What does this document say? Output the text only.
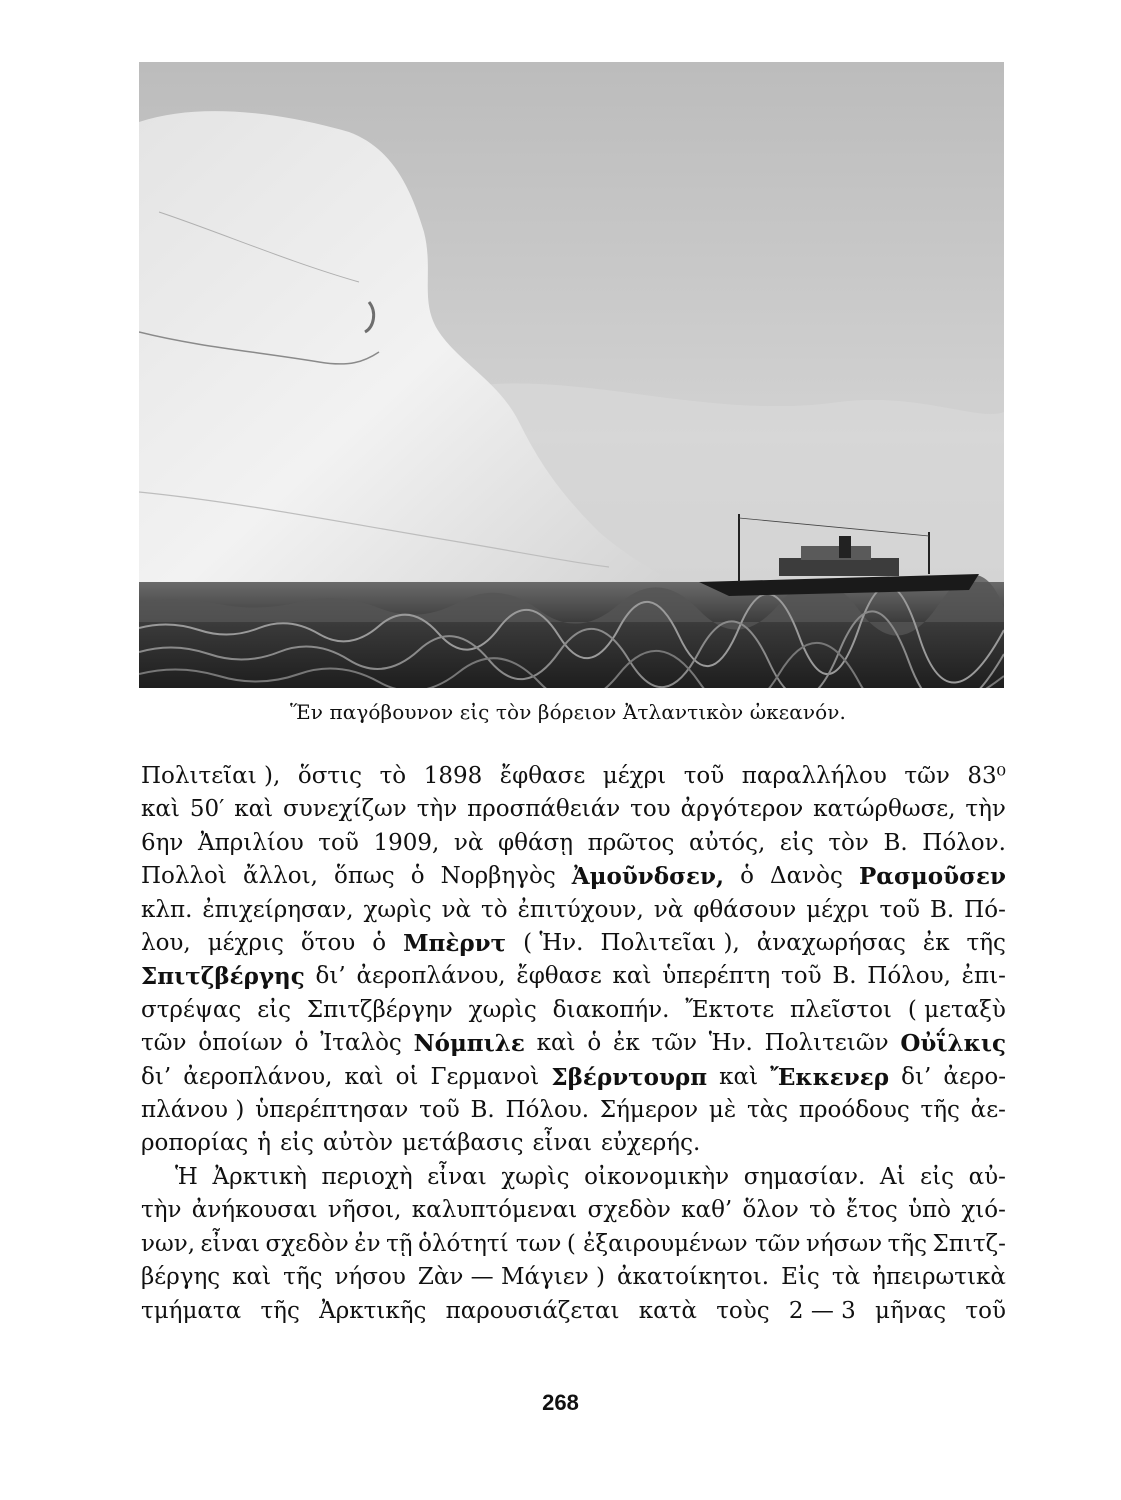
Ἕν παγόβουνον εἰς τὸν βόρειον Ἀτλαντικὸν ὠκεανόν.
Πολιτεῖαι ), ὅστις τὸ 1898 ἔφθασε μέχρι τοῦ παραλλήλου τῶν 83⁰
καὶ 50′ καὶ συνεχίζων τὴν προσπάθειάν του ἀργότερον κατώρθωσε, τὴν
6ην Ἀπριλίου τοῦ 1909, νὰ φθάσῃ πρῶτος αὐτός, εἰς τὸν Β. Πόλον.
Πολλοὶ ἄλλοι, ὅπως ὁ Νορβηγὸς Ἀμοῦνδσεν, ὁ Δανὸς Ρασμοῦσεν
κλπ. ἐπιχείρησαν, χωρὶς νὰ τὸ ἐπιτύχουν, νὰ φθάσουν μέχρι τοῦ Β. Πό-
λου, μέχρις ὅτου ὁ Μπὲρντ ( Ἡν. Πολιτεῖαι ), ἀναχωρήσας ἐκ τῆς
Σπιτζβέργης δι’ ἀεροπλάνου, ἔφθασε καὶ ὑπερέπτη τοῦ Β. Πόλου, ἐπι-
στρέψας εἰς Σπιτζβέργην χωρὶς διακοπήν. Ἔκτοτε πλεῖστοι ( μεταξὺ
τῶν ὁποίων ὁ Ἰταλὸς Νόμπιλε καὶ ὁ ἐκ τῶν Ἡν. Πολιτειῶν Οὐΐλκις
δι’ ἀεροπλάνου, καὶ οἱ Γερμανοὶ Σβέρντουρπ καὶ Ἔκκενερ δι’ ἀερο-
πλάνου ) ὑπερέπτησαν τοῦ Β. Πόλου. Σήμερον μὲ τὰς προόδους τῆς ἀε-
ροπορίας ἡ εἰς αὐτὸν μετάβασις εἶναι εὐχερής.
Ἡ Ἀρκτικὴ περιοχὴ εἶναι χωρὶς οἰκονομικὴν σημασίαν. Αἱ εἰς αὐ-
τὴν ἀνήκουσαι νῆσοι, καλυπτόμεναι σχεδὸν καθ’ ὅλον τὸ ἔτος ὑπὸ χιό-
νων, εἶναι σχεδὸν ἐν τῇ ὁλότητί των ( ἐξαιρουμένων τῶν νήσων τῆς Σπιτζ-
βέργης καὶ τῆς νήσου Ζὰν — Μάγιεν ) ἀκατοίκητοι. Εἰς τὰ ἠπειρωτικὰ
τμήματα τῆς Ἀρκτικῆς παρουσιάζεται κατὰ τοὺς 2 — 3 μῆνας τοῦ
268
